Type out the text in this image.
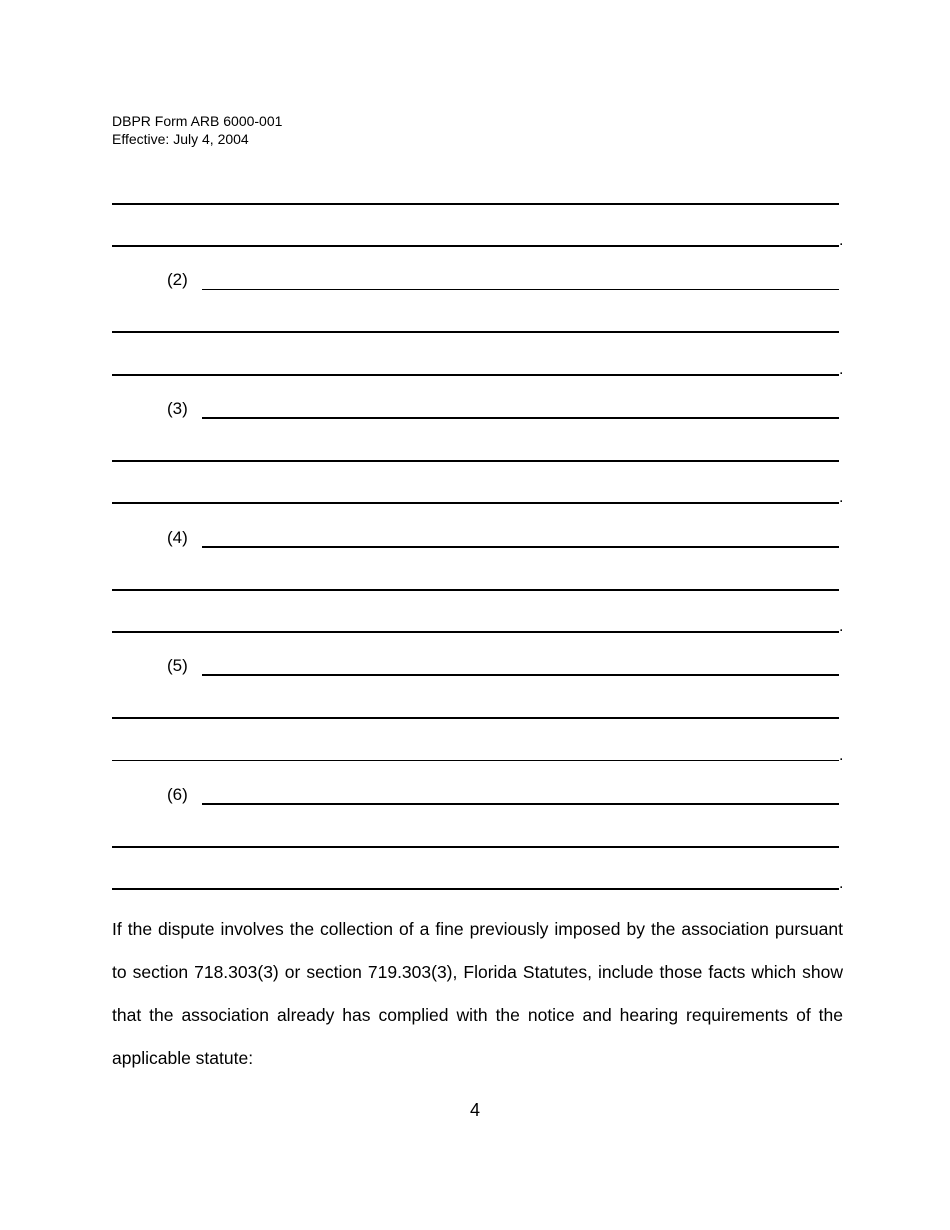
DBPR Form ARB 6000-001
Effective: July 4, 2004
.
(2)
.
(3)
.
(4)
.
(5)
.
(6)
.
If the dispute involves the collection of a fine previously imposed by the association pursuant to section 718.303(3) or section 719.303(3), Florida Statutes, include those facts which show that the association already has complied with the notice and hearing requirements of the applicable statute:
4
